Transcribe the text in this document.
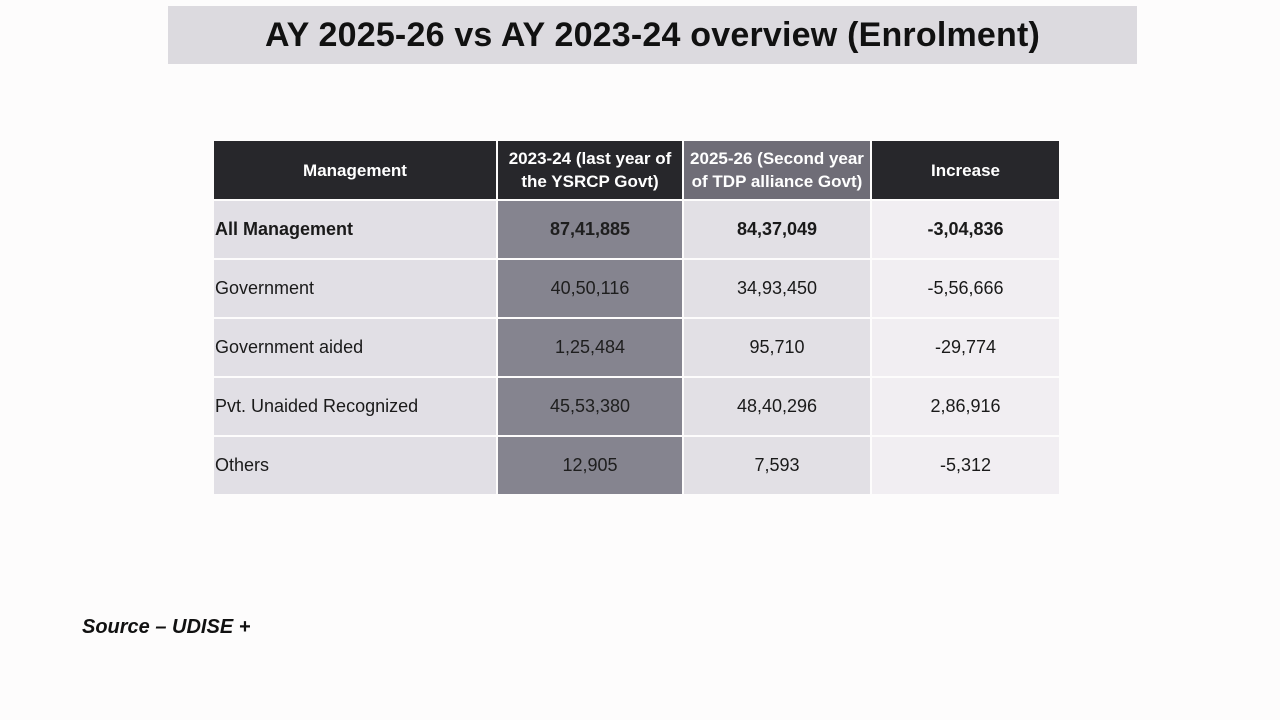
AY 2025-26 vs AY 2023-24 overview (Enrolment)
Management	2023-24 (last year of the YSRCP Govt)	2025-26 (Second year of TDP alliance Govt)	Increase
All Management	87,41,885	84,37,049	-3,04,836
Government	40,50,116	34,93,450	-5,56,666
Government aided	1,25,484	95,710	-29,774
Pvt. Unaided Recognized	45,53,380	48,40,296	2,86,916
Others	12,905	7,593	-5,312
Source – UDISE +
